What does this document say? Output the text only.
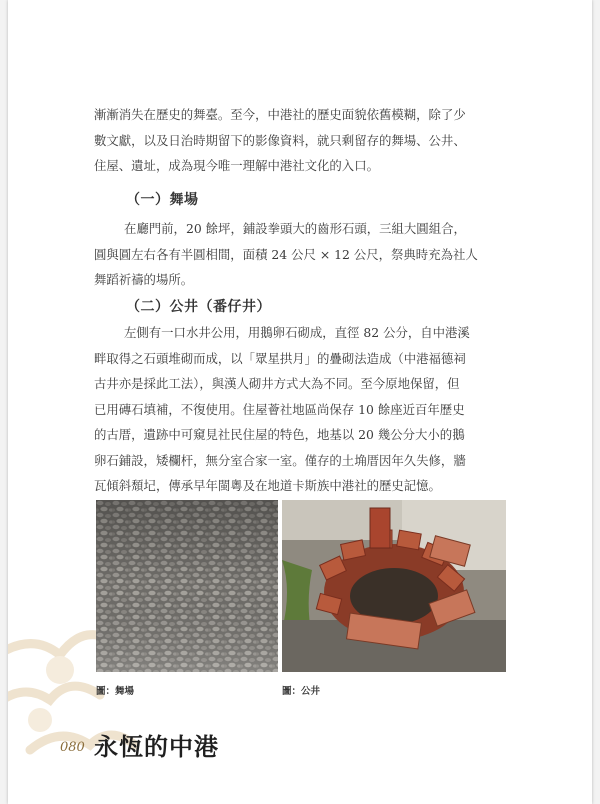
漸漸消失在歷史的舞臺。至今，中港社的歷史面貌依舊模糊，除了少
數文獻，以及日治時期留下的影像資料，就只剩留存的舞場、公井、
住屋、遺址，成為現今唯一理解中港社文化的入口。

（一）舞場

在廳門前，20 餘坪，鋪設拳頭大的齒形石頭，三組大圓組合，
圓與圓左右各有半圓相間，面積 24 公尺 × 12 公尺，祭典時充為社人
舞蹈祈禱的場所。

（二）公井（番仔井）

左側有一口水井公用，用鵝卵石砌成，直徑 82 公分，自中港溪
畔取得之石頭堆砌而成，以「眾星拱月」的疊砌法造成（中港福德祠
古井亦是採此工法），與漢人砌井方式大為不同。至今原地保留，但
已用磚石填補，不復使用。住屋薈社地區尚保存 10 餘座近百年歷史
的古厝，遺跡中可窺見社民住屋的特色，地基以 20 幾公分大小的鵝
卵石鋪設，矮欄杆，無分室合家一室。僅存的土埆厝因年久失修，牆
瓦傾斜頹圮，傳承早年閩粵及在地道卡斯族中港社的歷史記憶。

圖：舞場	圖：公井

080 永恆的中港
